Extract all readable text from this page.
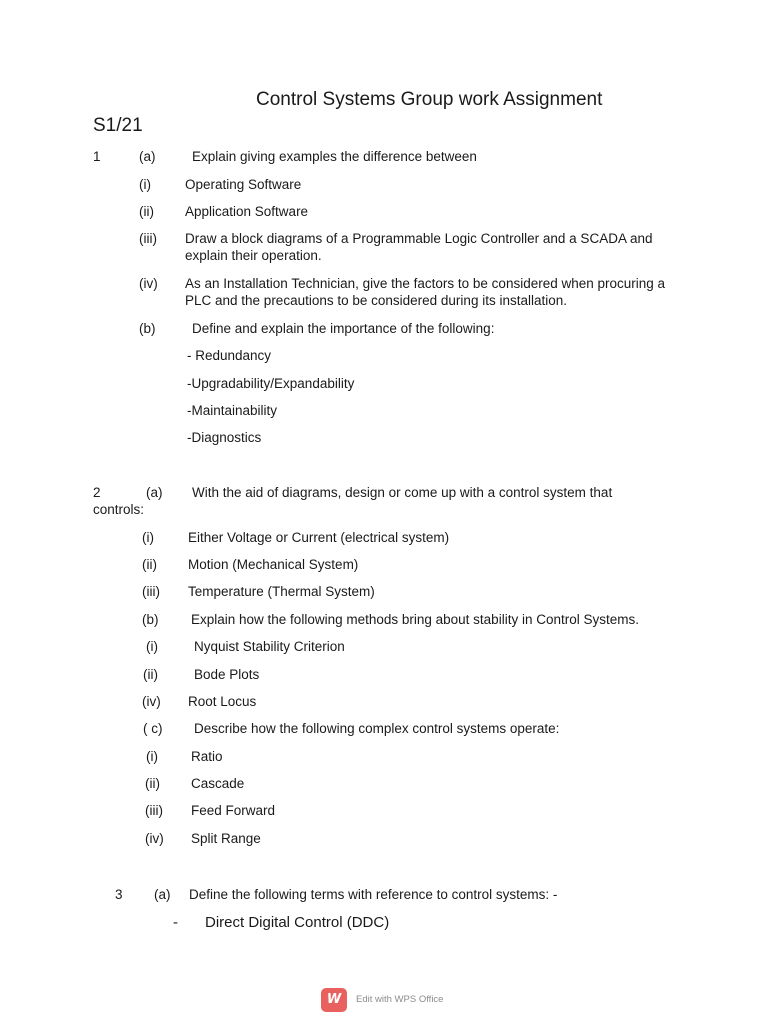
Control Systems Group work Assignment
S1/21
1	(a)	Explain giving examples the difference between
(i)	Operating Software
(ii) Application Software
(iii) Draw a block diagrams of a Programmable Logic Controller and a SCADA and explain their operation.
(iv) As an Installation Technician, give the factors to be considered when procuring a PLC and the precautions to be considered during its installation.
(b)	Define and explain the importance of the following:
- Redundancy
-Upgradability/Expandability
-Maintainability
-Diagnostics
2	(a) With the aid of diagrams, design or come up with a control system that
controls:
(i)	Either Voltage or Current (electrical system)
(ii) Motion (Mechanical System)
(iii) Temperature (Thermal System)
(b) Explain how the following methods bring about stability in Control Systems.
(i)	Nyquist Stability Criterion
(ii)	Bode Plots
(iv) Root Locus
( c) Describe how the following complex control systems operate:
(i) Ratio
(ii) Cascade
(iii) Feed Forward
(iv) Split Range
3 (a) Define the following terms with reference to control systems: -
- Direct Digital Control (DDC)
W	Edit with WPS Office
